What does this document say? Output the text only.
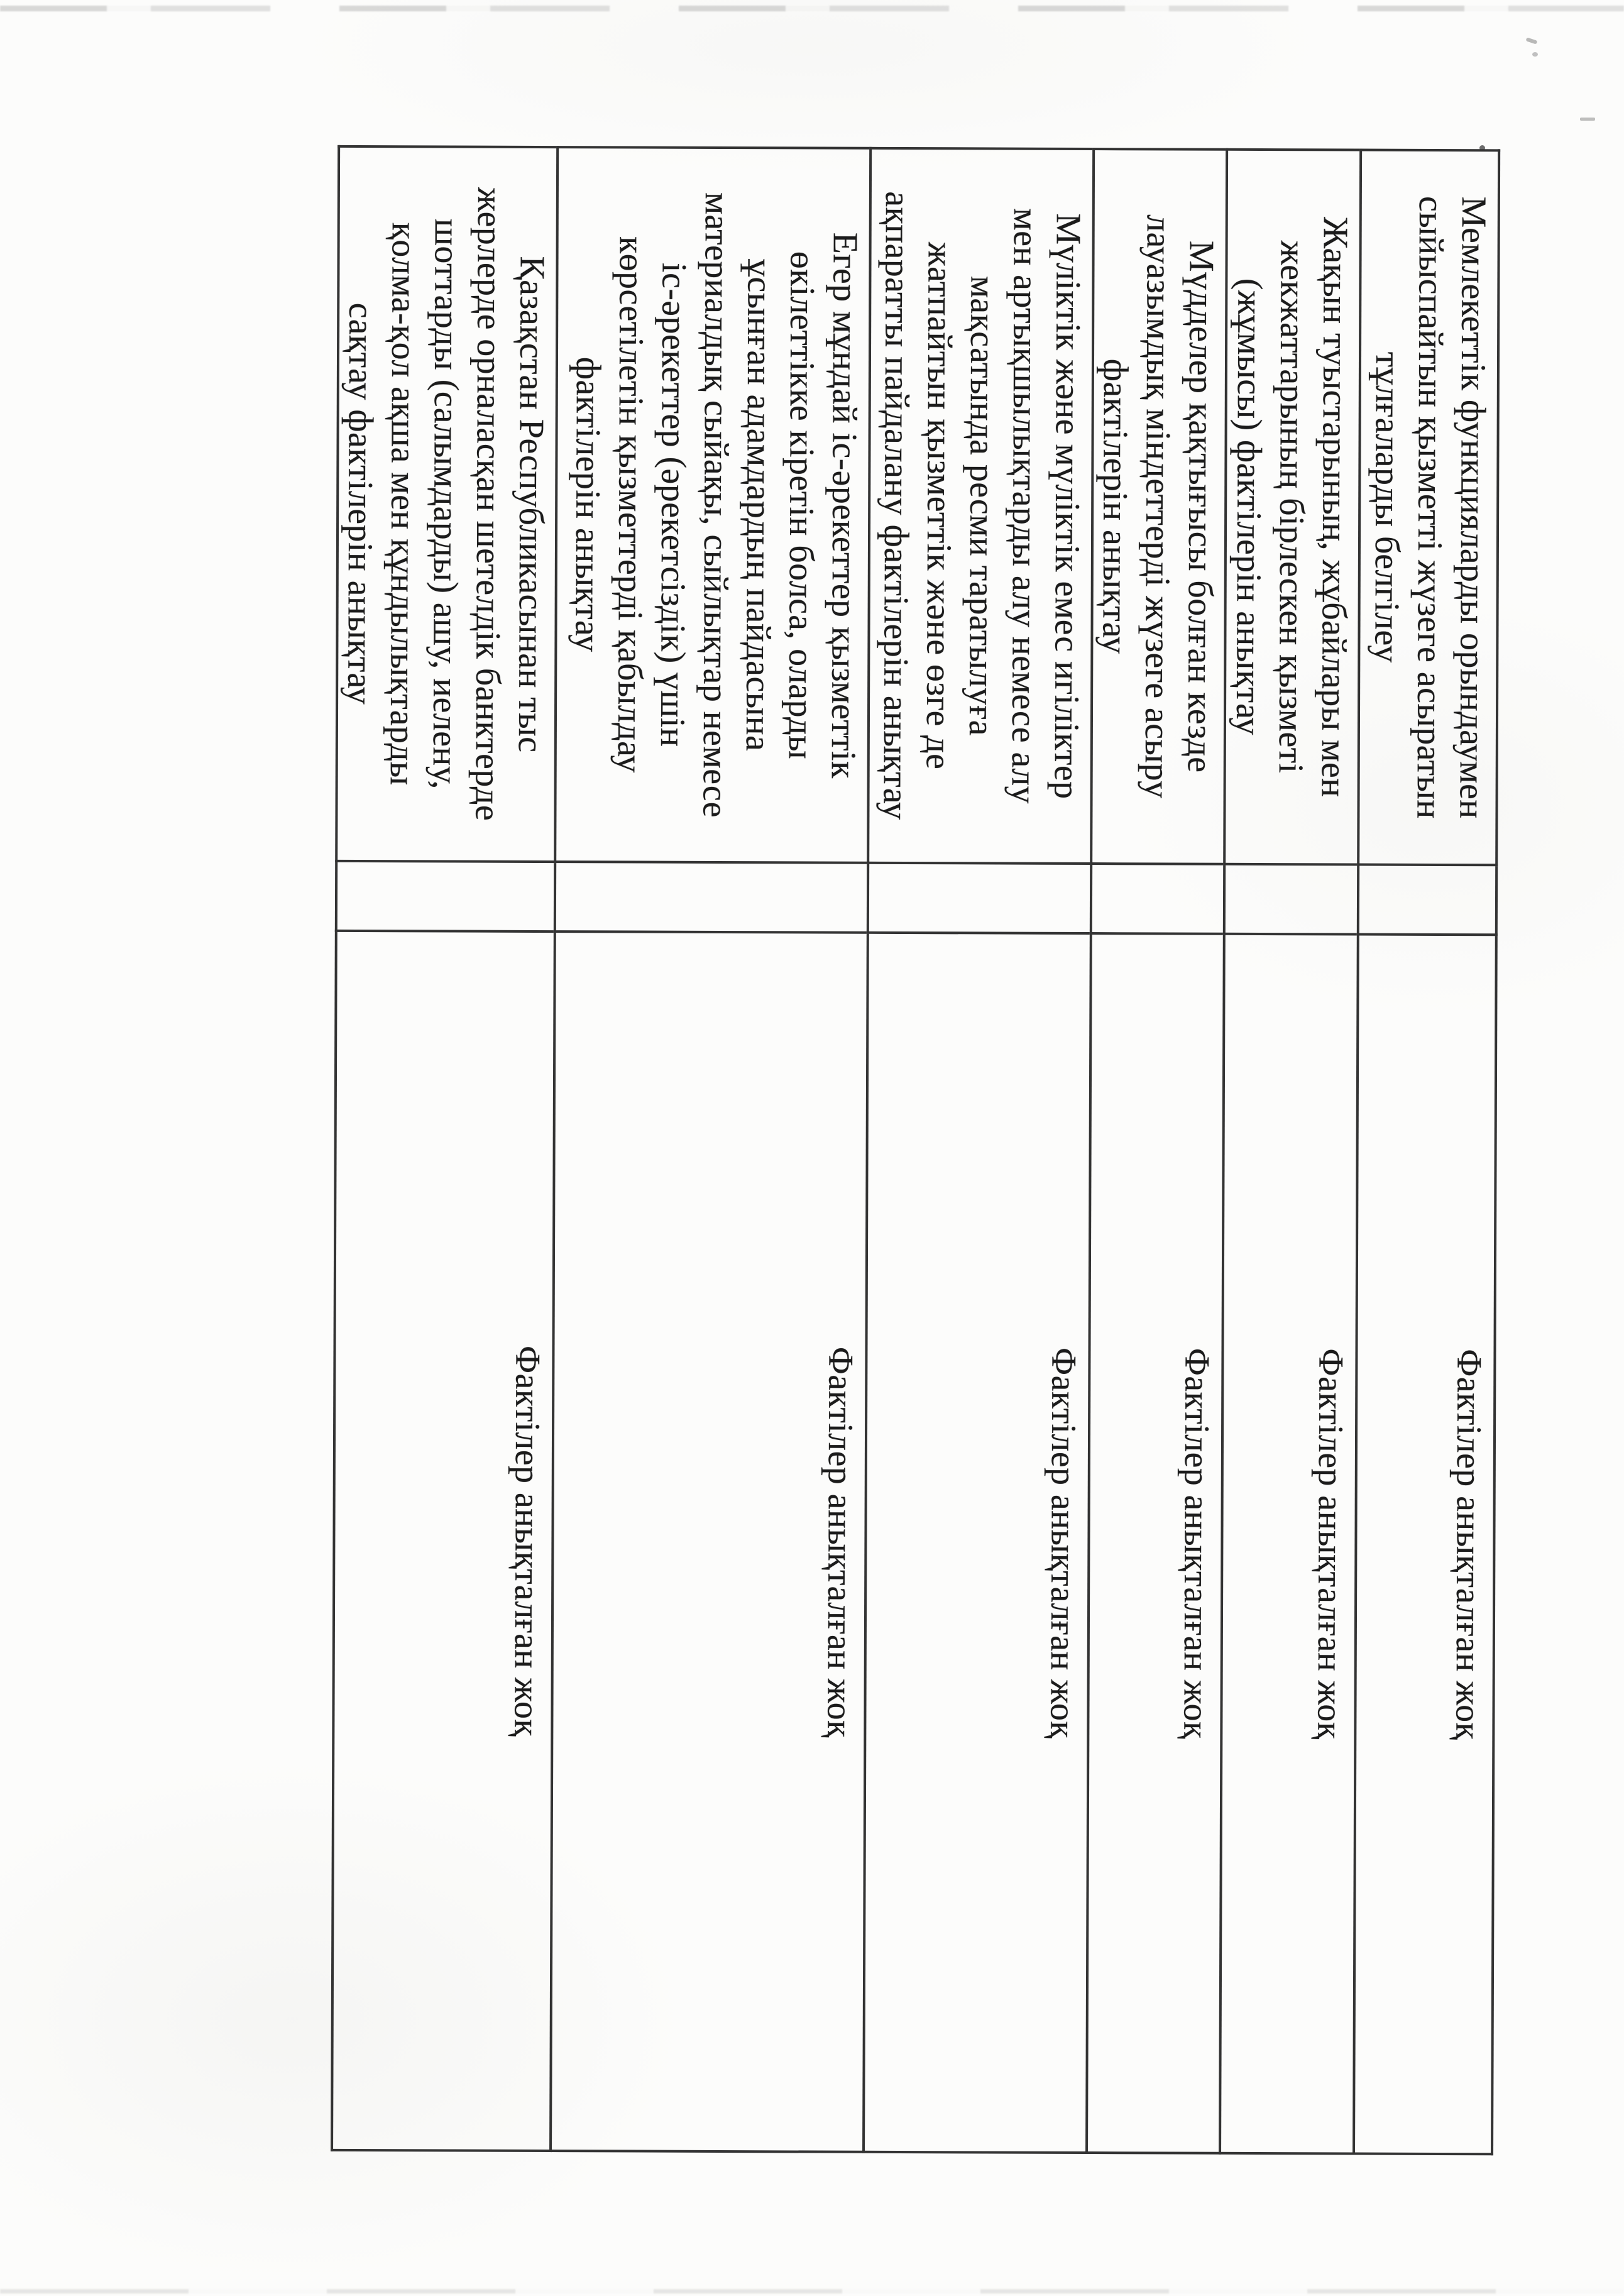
Мемлекеттік функцияларды орындаумен
сыйыспайтын қызметті жүзеге асыратын
тұлғаларды белгілеу		Фактілер анықталған жоқ
Жақын туыстарының, жұбайлары мен
жекжаттарының бірлескен қызметі
(жұмысы) фактілерін анықтау		Фактілер анықталған жоқ
Мүдделер қақтығысы болған кезде
лауазымдық міндеттерді жүзеге асыру
фактілерін анықтау		Фактілер анықталған жоқ
Мүліктік және мүліктік емес игіліктер
мен артықшылықтарды алу немесе алу
мақсатында ресми таратылуға
жатпайтын қызметтік және өзге де
ақпаратты пайдалану фактілерін анықтау		Фактілер анықталған жоқ
Егер мұндай іс-әрекеттер қызметтік
өкілеттікке кіретін болса, оларды
ұсынған адамдардың пайдасына
материалдық сыйақы, сыйлықтар немесе
іс-әрекеттер (әрекетсіздік) үшін
көрсетілетін қызметтерді қабылдау
фактілерін анықтау		Фактілер анықталған жоқ
Қазақстан Республикасынан тыс
жерлерде орналасқан шетелдік банктерде
шоттарды (салымдарды) ашу, иелену,
қолма-қол ақша мен құндылықтарды
сақтау фактілерін анықтау		Фактілер анықталған жоқ
